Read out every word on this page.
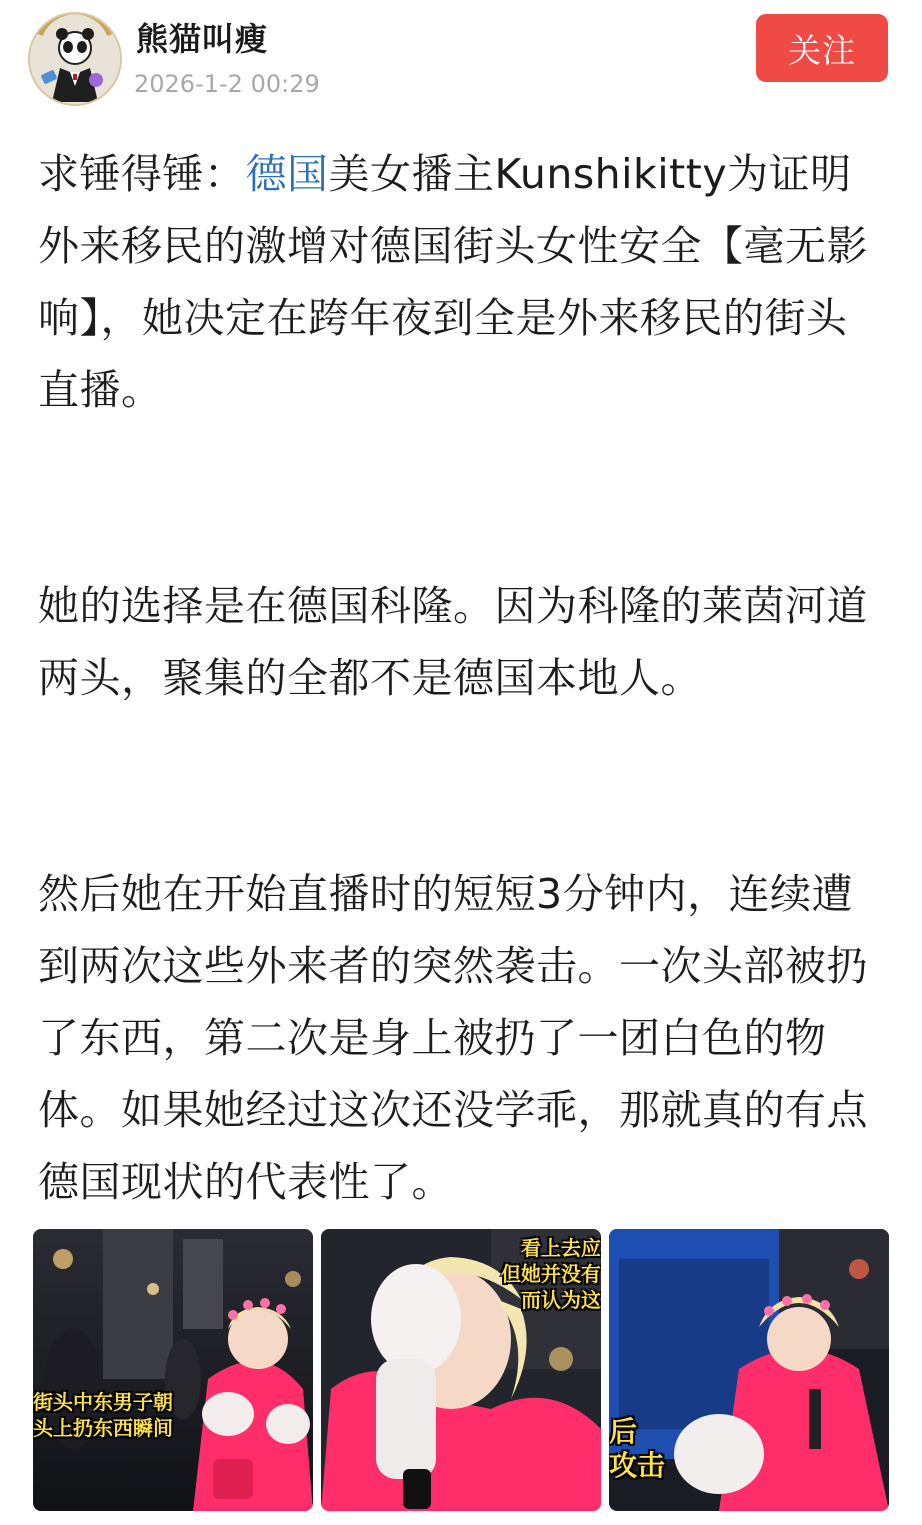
熊猫叫瘦
2026-1-2 00:29
关注

求锤得锤：德国美女播主Kunshikitty为证明外来移民的激增对德国街头女性安全【毫无影响】，她决定在跨年夜到全是外来移民的街头直播。

她的选择是在德国科隆。因为科隆的莱茵河道两头，聚集的全都不是德国本地人。

然后她在开始直播时的短短3分钟内，连续遭到两次这些外来者的突然袭击。一次头部被扔了东西，第二次是身上被扔了一团白色的物体。如果她经过这次还没学乖，那就真的有点德国现状的代表性了。

街头中东男子朝
头上扔东西瞬间
看上去应
但她并没有
而认为这
后
攻击
